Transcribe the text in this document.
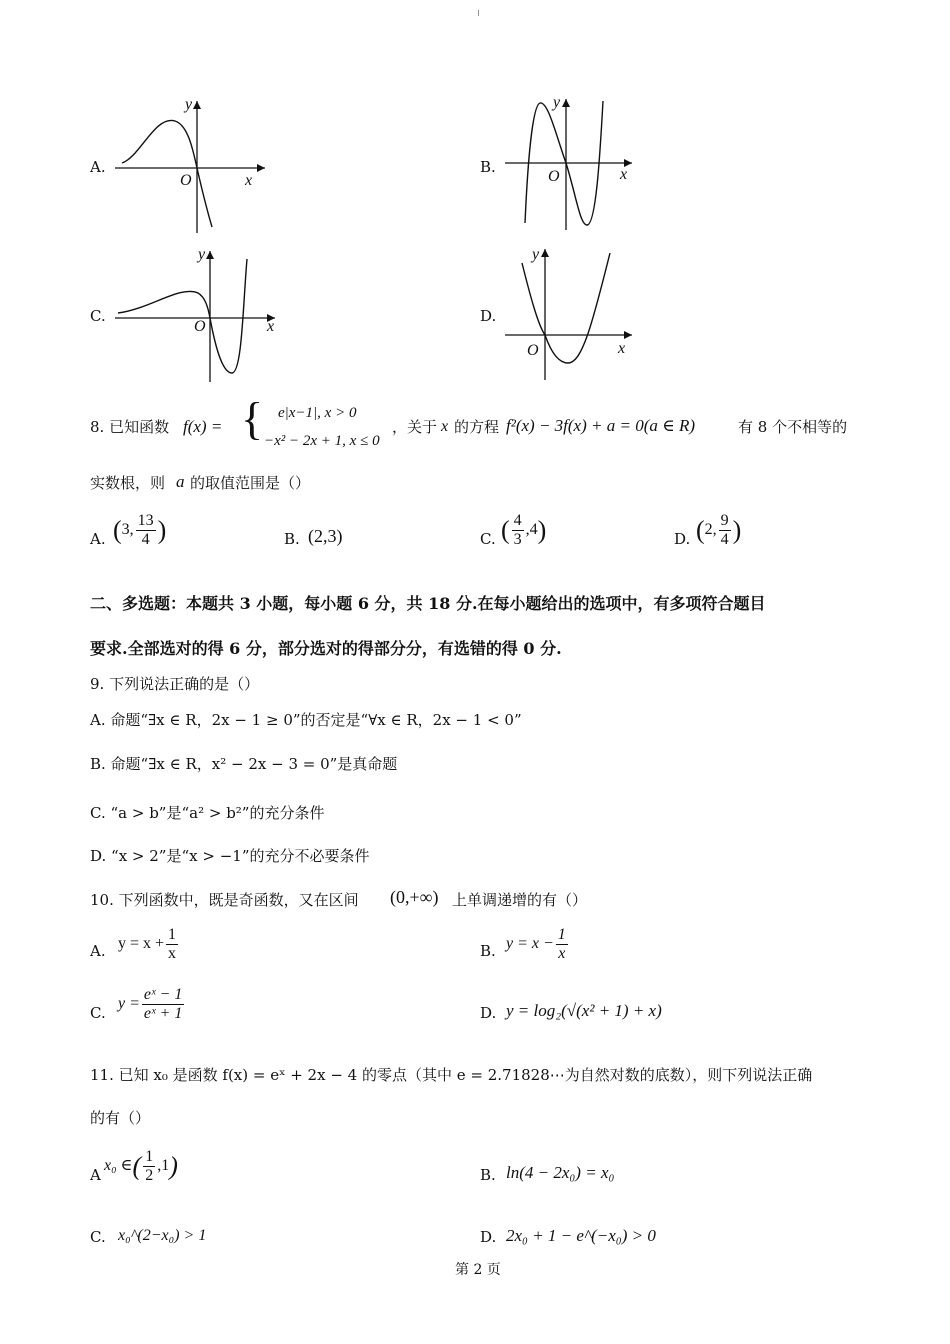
A.
y
O	x
B.
y
O	x
C.
y
O	x
D.
y
O	x
8. 已知函数 f(x) = { e|x−1|, x > 0
−x² − 2x + 1, x ≤ 0
，关于 x 的方程 f²(x) − 3f(x) + a = 0(a ∈ R)	有 8 个不相等的
实数根，则 a 的取值范围是（）
A. (3, $\frac{13}{4}$ )	B. (2,3)	C. ( $\frac{4}{3} ,4$)	D. (2, $\frac{9}{4}$ )
二、多选题：本题共 3 小题，每小题 6 分，共 18 分.在每小题给出的选项中，有多项符合题目
要求.全部选对的得 6 分，部分选对的得部分分，有选错的得 0 分.
9. 下列说法正确的是（）
A. 命题“∃x ∈ R，2x − 1 ≥ 0”的否定是“∀x ∈ R，2x − 1 < 0”
B. 命题“∃x ∈ R，x² − 2x − 3 = 0”是真命题
C. “a > b”是“a² > b²”的充分条件
D. “x > 2”是“x > −1”的充分不必要条件
10. 下列函数中，既是奇函数，又在区间 (0,+∞) 上单调递增的有（）
A. $y = x + \frac{1}{x}$	B. $y = x - \frac{1}{x}$
C.
$y = \frac{\text{eˣ − 1}}{\text{eˣ + 1}}$	D. y = log₂(√(x² + 1) + x)
11. 已知 x₀ 是函数 f(x) = eˣ + 2x − 4 的零点（其中 e = 2.71828⋯为自然对数的底数），则下列说法正确
的有（）
A
x₀ ∈( $\frac{1}{2} ,1$)	B. ln(4 − 2x₀) = x₀
C. x₀^(2−x₀) > 1	D. 2x₀ + 1 − e^(−x₀) > 0
第 2 页
